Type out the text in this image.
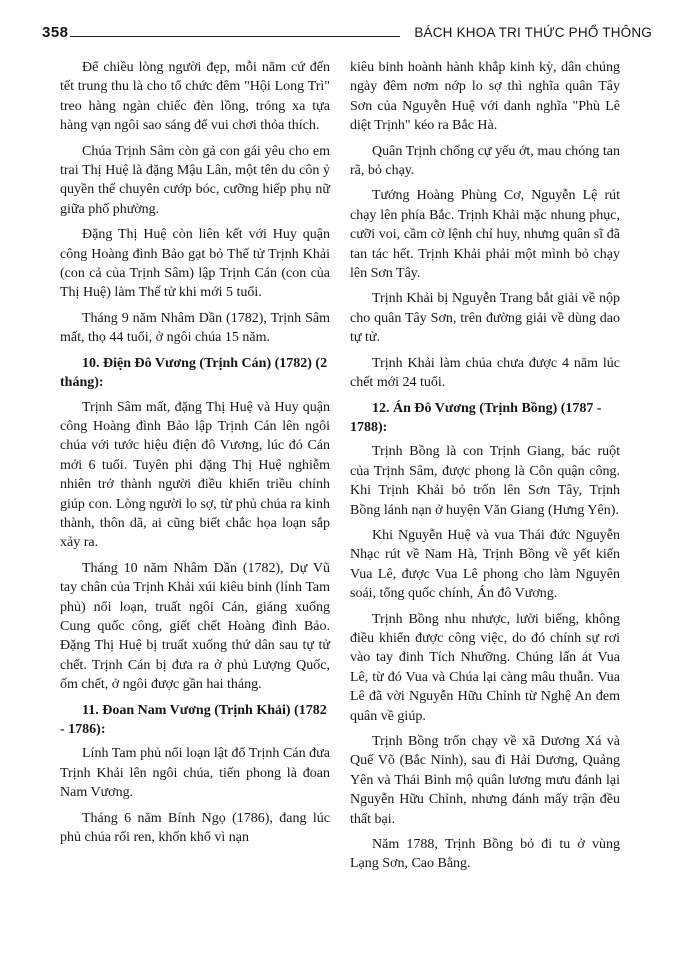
358	BÁCH KHOA TRI THỨC PHỔ THÔNG

Để chiều lòng người đẹp, mỗi năm cứ đến tết trung thu là cho tổ chức đêm "Hội Long Trì" treo hàng ngàn chiếc đèn lồng, tróng xa tựa hàng vạn ngôi sao sáng để vui chơi thỏa thích.

Chúa Trịnh Sâm còn gả con gái yêu cho em trai Thị Huệ là đặng Mậu Lân, một tên du côn ỷ quyền thế chuyên cướp bóc, cưỡng hiếp phụ nữ giữa phố phường.

Đặng Thị Huệ còn liên kết với Huy quận công Hoàng đình Bảo gạt bỏ Thế tử Trịnh Khải (con cả của Trịnh Sâm) lập Trịnh Cán (con của Thị Huệ) làm Thế tử khi mới 5 tuổi.

Tháng 9 năm Nhâm Dần (1782), Trịnh Sâm mất, thọ 44 tuổi, ở ngôi chúa 15 năm.

10. Điện Đô Vương (Trịnh Cán) (1782) (2 tháng):

Trịnh Sâm mất, đặng Thị Huệ và Huy quận công Hoàng đình Bảo lập Trịnh Cán lên ngôi chúa với tước hiệu điện đô Vương, lúc đó Cán mới 6 tuổi. Tuyên phi đặng Thị Huệ nghiễm nhiên trở thành người điều khiển triều chính giúp con. Lòng người lo sợ, từ phủ chúa ra kinh thành, thôn dã, ai cũng biết chắc họa loạn sắp xảy ra.

Tháng 10 năm Nhâm Dần (1782), Dự Vũ tay chân của Trịnh Khải xúi kiêu binh (lính Tam phủ) nổi loạn, truất ngôi Cán, giáng xuống Cung quốc công, giết chết Hoàng đình Bảo. Đặng Thị Huệ bị truất xuống thứ dân sau tự tử chết. Trịnh Cán bị đưa ra ở phủ Lượng Quốc, ốm chết, ở ngôi được gần hai tháng.

11. Đoan Nam Vương (Trịnh Khải) (1782 - 1786):

Lính Tam phủ nổi loạn lật đổ Trịnh Cán đưa Trịnh Khải lên ngôi chúa, tiến phong là đoan Nam Vương.

Tháng 6 năm Bính Ngọ (1786), đang lúc phủ chúa rối ren, khốn khổ vì nạn

kiêu binh hoành hành khắp kinh kỳ, dân chúng ngày đêm nơm nớp lo sợ thì nghĩa quân Tây Sơn của Nguyễn Huệ với danh nghĩa "Phù Lê diệt Trịnh" kéo ra Bắc Hà.

Quân Trịnh chống cự yếu ớt, mau chóng tan rã, bỏ chạy.

Tướng Hoàng Phùng Cơ, Nguyễn Lệ rút chạy lên phía Bắc. Trịnh Khải mặc nhung phục, cưỡi voi, cầm cờ lệnh chỉ huy, nhưng quân sĩ đã tan tác hết. Trịnh Khải phải một mình bỏ chạy lên Sơn Tây.

Trịnh Khải bị Nguyễn Trang bắt giải về nộp cho quân Tây Sơn, trên đường giải về dùng dao tự tử.

Trịnh Khải làm chúa chưa được 4 năm lúc chết mới 24 tuổi.

12. Án Đô Vương (Trịnh Bồng) (1787 - 1788):

Trịnh Bồng là con Trịnh Giang, bác ruột của Trịnh Sâm, được phong là Côn quận công. Khi Trịnh Khải bỏ trốn lên Sơn Tây, Trịnh Bồng lánh nạn ở huyện Văn Giang (Hưng Yên).

Khi Nguyễn Huệ và vua Thái đức Nguyễn Nhạc rút về Nam Hà, Trịnh Bồng về yết kiến Vua Lê, được Vua Lê phong cho làm Nguyên soái, tổng quốc chính, Án đô Vương.

Trịnh Bồng nhu nhược, lười biếng, không điều khiển được công việc, do đó chính sự rơi vào tay đinh Tích Nhưỡng. Chúng lấn át Vua Lê, từ đó Vua và Chúa lại càng mâu thuẫn. Vua Lê đã vời Nguyễn Hữu Chỉnh từ Nghệ An đem quân về giúp.

Trịnh Bồng trốn chạy về xã Dương Xá và Quế Võ (Bắc Ninh), sau đi Hải Dương, Quảng Yên và Thái Bình mộ quân lương mưu đánh lại Nguyễn Hữu Chỉnh, nhưng đánh mấy trận đều thất bại.

Năm 1788, Trịnh Bồng bỏ đi tu ở vùng Lạng Sơn, Cao Bằng.
